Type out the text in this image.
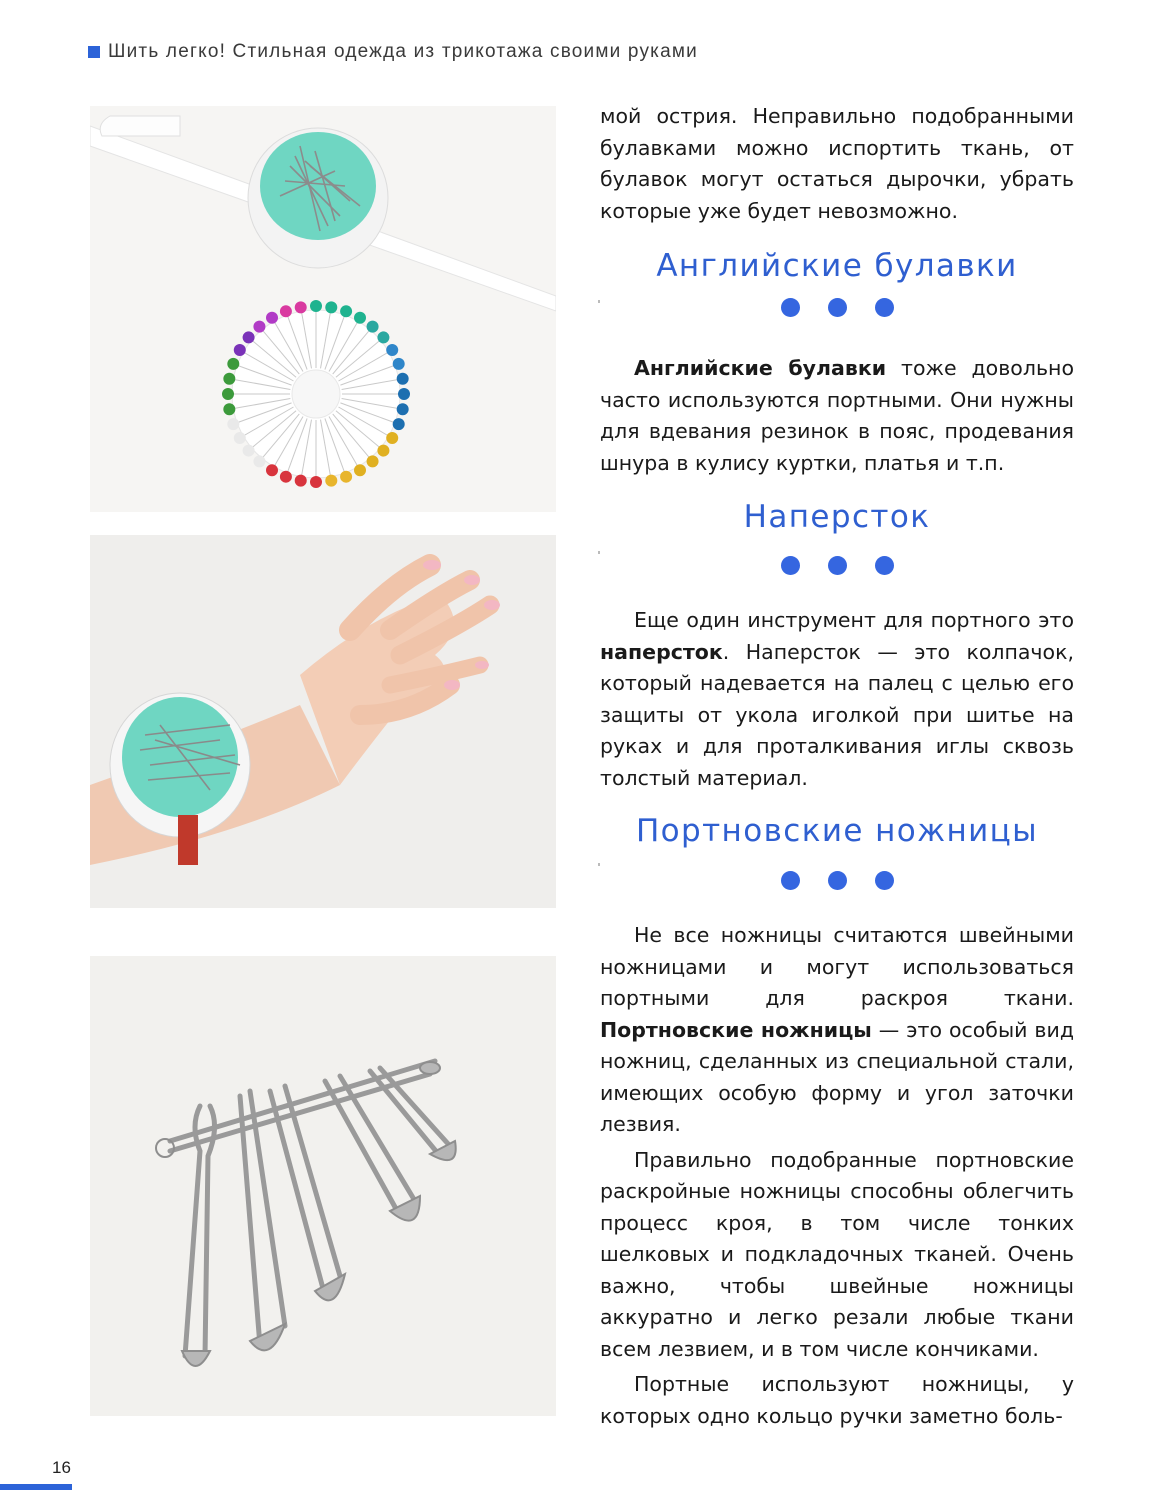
Шить легко! Стильная одежда из трикотажа своими руками

мой острия. Неправильно подобранными булавками можно испортить ткань, от булавок могут остаться дырочки, убрать которые уже будет невозможно.

Английские булавки

Английские булавки тоже довольно часто используются портными. Они нужны для вдевания резинок в пояс, продевания шнура в кулису куртки, платья и т.п.

Наперсток

Еще один инструмент для портного это наперсток. Наперсток — это колпачок, который надевается на палец с целью его защиты от укола иголкой при шитье на руках и для проталкивания иглы сквозь толстый материал.

Портновские ножницы

Не все ножницы считаются швейными ножницами и могут использоваться портными для раскроя ткани. Портновские ножницы — это особый вид ножниц, сделанных из специальной стали, имеющих особую форму и угол заточки лезвия.

Правильно подобранные портновские раскройные ножницы способны облегчить процесс кроя, в том числе тонких шелковых и подкладочных тканей. Очень важно, чтобы швейные ножницы аккуратно и легко резали любые ткани всем лезвием, и в том числе кончиками.

Портные используют ножницы, у которых одно кольцо ручки заметно боль-

16
